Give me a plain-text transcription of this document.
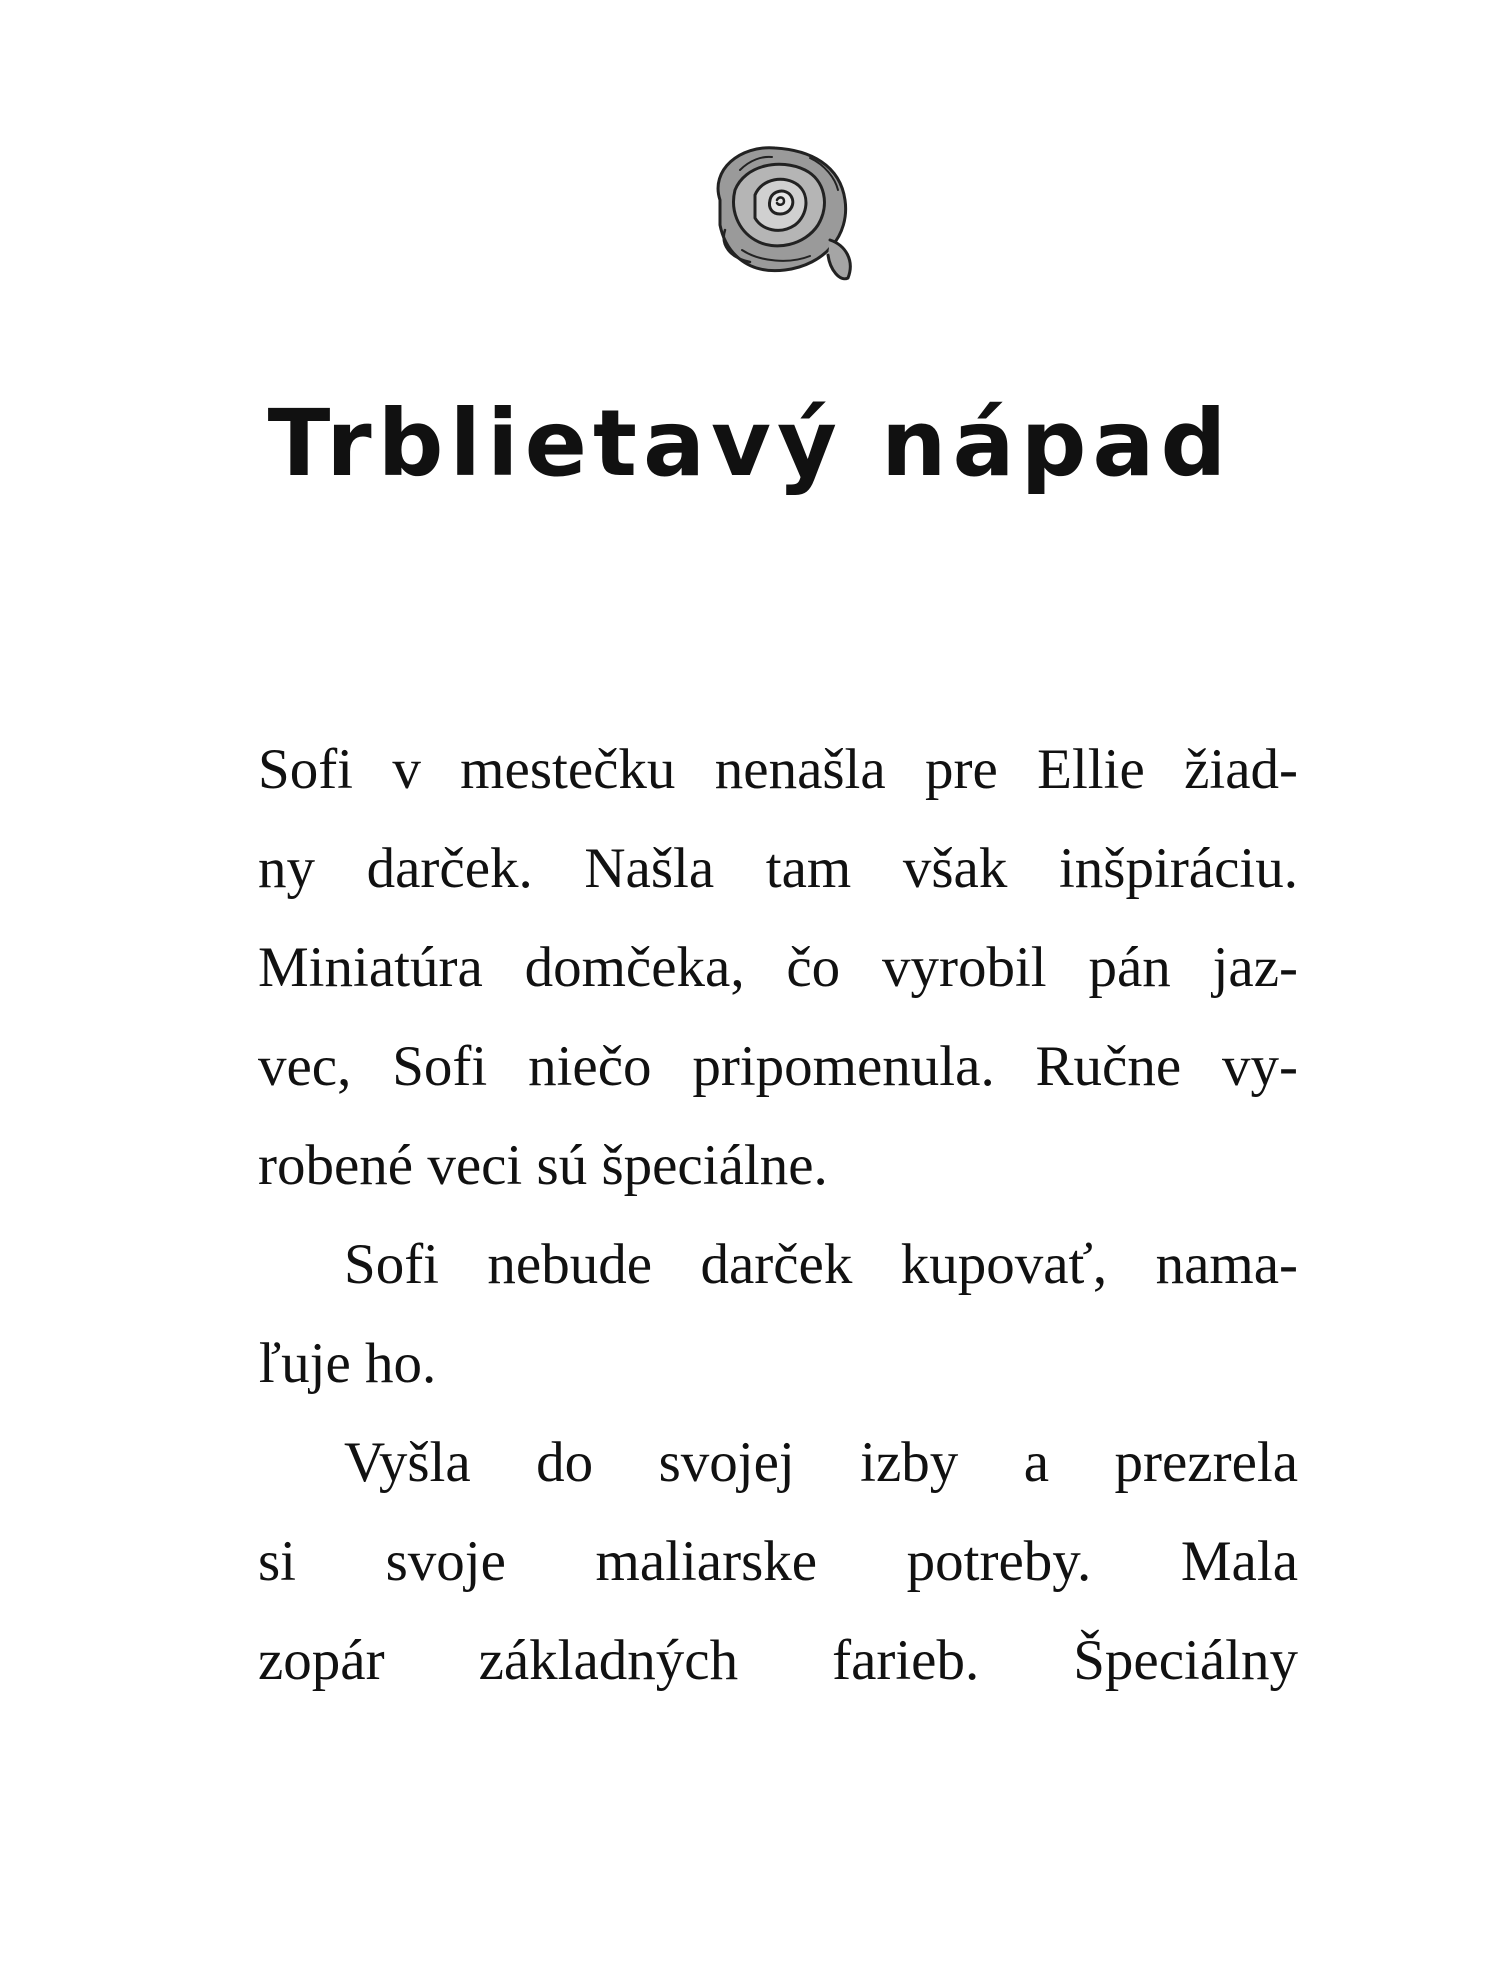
Trblietavý nápad
Sofi v mestečku nenašla pre Ellie žiad-
ny darček. Našla tam však inšpiráciu.
Miniatúra domčeka, čo vyrobil pán jaz-
vec, Sofi niečo pripomenula. Ručne vy-
robené veci sú špeciálne.
Sofi nebude darček kupovať, nama-
ľuje ho.
Vyšla do svojej izby a prezrela
si svoje maliarske potreby. Mala
zopár základných farieb. Špeciálny
